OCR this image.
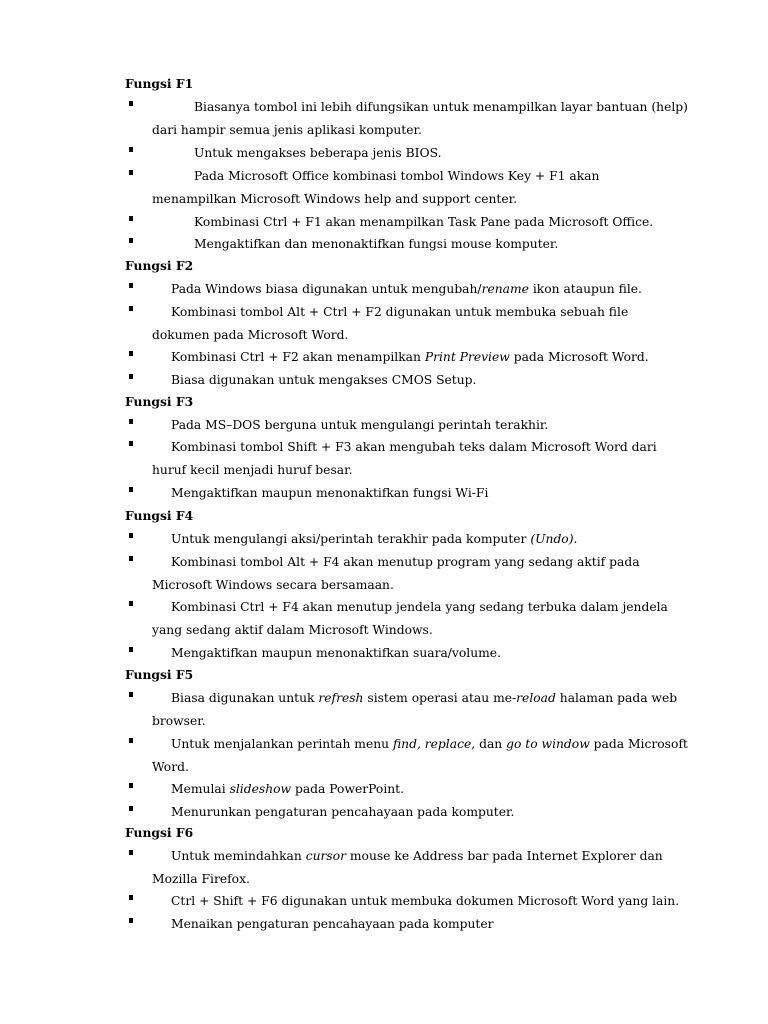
Fungsi F1
Biasanya tombol ini lebih difungsikan untuk menampilkan layar bantuan (help)
dari hampir semua jenis aplikasi komputer.
Untuk mengakses beberapa jenis BIOS.
Pada Microsoft Office kombinasi tombol Windows Key + F1 akan
menampilkan Microsoft Windows help and support center.
Kombinasi Ctrl + F1 akan menampilkan Task Pane pada Microsoft Office.
Mengaktifkan dan menonaktifkan fungsi mouse komputer.
Fungsi F2
Pada Windows biasa digunakan untuk mengubah/rename ikon ataupun file.
Kombinasi tombol Alt + Ctrl + F2 digunakan untuk membuka sebuah file
dokumen pada Microsoft Word.
Kombinasi Ctrl + F2 akan menampilkan Print Preview pada Microsoft Word.
Biasa digunakan untuk mengakses CMOS Setup.
Fungsi F3
Pada MS–DOS berguna untuk mengulangi perintah terakhir.
Kombinasi tombol Shift + F3 akan mengubah teks dalam Microsoft Word dari
huruf kecil menjadi huruf besar.
Mengaktifkan maupun menonaktifkan fungsi Wi-Fi
Fungsi F4
Untuk mengulangi aksi/perintah terakhir pada komputer (Undo).
Kombinasi tombol Alt + F4 akan menutup program yang sedang aktif pada
Microsoft Windows secara bersamaan.
Kombinasi Ctrl + F4 akan menutup jendela yang sedang terbuka dalam jendela
yang sedang aktif dalam Microsoft Windows.
Mengaktifkan maupun menonaktifkan suara/volume.
Fungsi F5
Biasa digunakan untuk refresh sistem operasi atau me-reload halaman pada web
browser.
Untuk menjalankan perintah menu find, replace, dan go to window pada Microsoft
Word.
Memulai slideshow pada PowerPoint.
Menurunkan pengaturan pencahayaan pada komputer.
Fungsi F6
Untuk memindahkan cursor mouse ke Address bar pada Internet Explorer dan
Mozilla Firefox.
Ctrl + Shift + F6 digunakan untuk membuka dokumen Microsoft Word yang lain.
Menaikan pengaturan pencahayaan pada komputer
